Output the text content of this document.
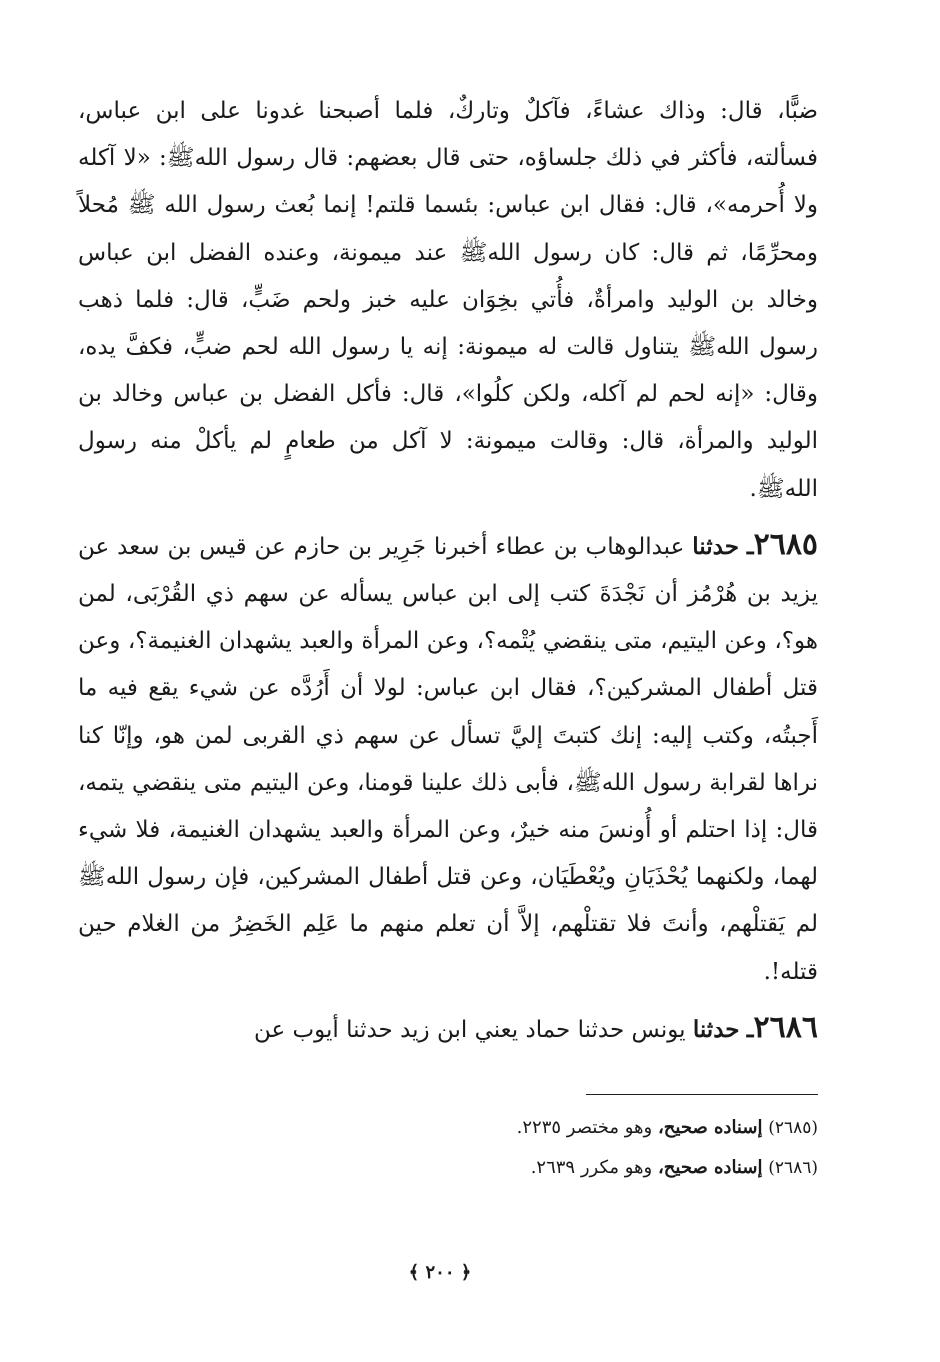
ضبًّا، قال: وذاك عشاءً، فآكلٌ وتاركٌ، فلما أصبحنا غدونا على ابن عباس، فسألته، فأكثر في ذلك جلساؤه، حتى قال بعضهم: قال رسول اللهﷺ: «لا آكله ولا أُحرمه»، قال: فقال ابن عباس: بئسما قلتم! إنما بُعث رسول الله ﷺ مُحلاً ومحرِّمًا، ثم قال: كان رسول اللهﷺ عند ميمونة، وعنده الفضل ابن عباس وخالد بن الوليد وامرأةٌ، فأُتي بخِوَان عليه خبز ولحم ضَبٍّ، قال: فلما ذهب رسول اللهﷺ يتناول قالت له ميمونة: إنه يا رسول الله لحم ضبٍّ، فكفَّ يده، وقال: «إنه لحم لم آكله، ولكن كلُوا»، قال: فأكل الفضل بن عباس وخالد بن الوليد والمرأة، قال: وقالت ميمونة: لا آكل من طعامٍ لم يأكلْ منه رسول اللهﷺ.

٢٦٨٥ـ حدثنا عبدالوهاب بن عطاء أخبرنا جَرِير بن حازم عن قيس بن سعد عن يزيد بن هُرْمُز أن نَجْدَةَ كتب إلى ابن عباس يسأله عن سهم ذي القُرْبَى، لمن هو؟، وعن اليتيم، متى ينقضي يُتْمه؟، وعن المرأة والعبد يشهدان الغنيمة؟، وعن قتل أطفال المشركين؟، فقال ابن عباس: لولا أن أَرُدَّه عن شيء يقع فيه ما أَجبتُه، وكتب إليه: إنك كتبتَ إليَّ تسأل عن سهم ذي القربى لمن هو، وإنّا كنا نراها لقرابة رسول اللهﷺ، فأبى ذلك علينا قومنا، وعن اليتيم متى ينقضي يتمه، قال: إذا احتلم أو أُونسَ منه خيرٌ، وعن المرأة والعبد يشهدان الغنيمة، فلا شيء لهما، ولكنهما يُحْذَيَانِ ويُعْطَيَان، وعن قتل أطفال المشركين، فإن رسول اللهﷺ لم يَقتلْهم، وأنتَ فلا تقتلْهم، إلاَّ أن تعلم منهم ما عَلِم الخَضِرُ من الغلام حين قتله!.

٢٦٨٦ـ حدثنا يونس حدثنا حماد يعني ابن زيد حدثنا أيوب عن

(٢٦٨٥) إسناده صحيح، وهو مختصر ٢٢٣٥.
(٢٦٨٦) إسناده صحيح، وهو مكرر ٢٦٣٩.
﴿ ٢٠٠ ﴾
